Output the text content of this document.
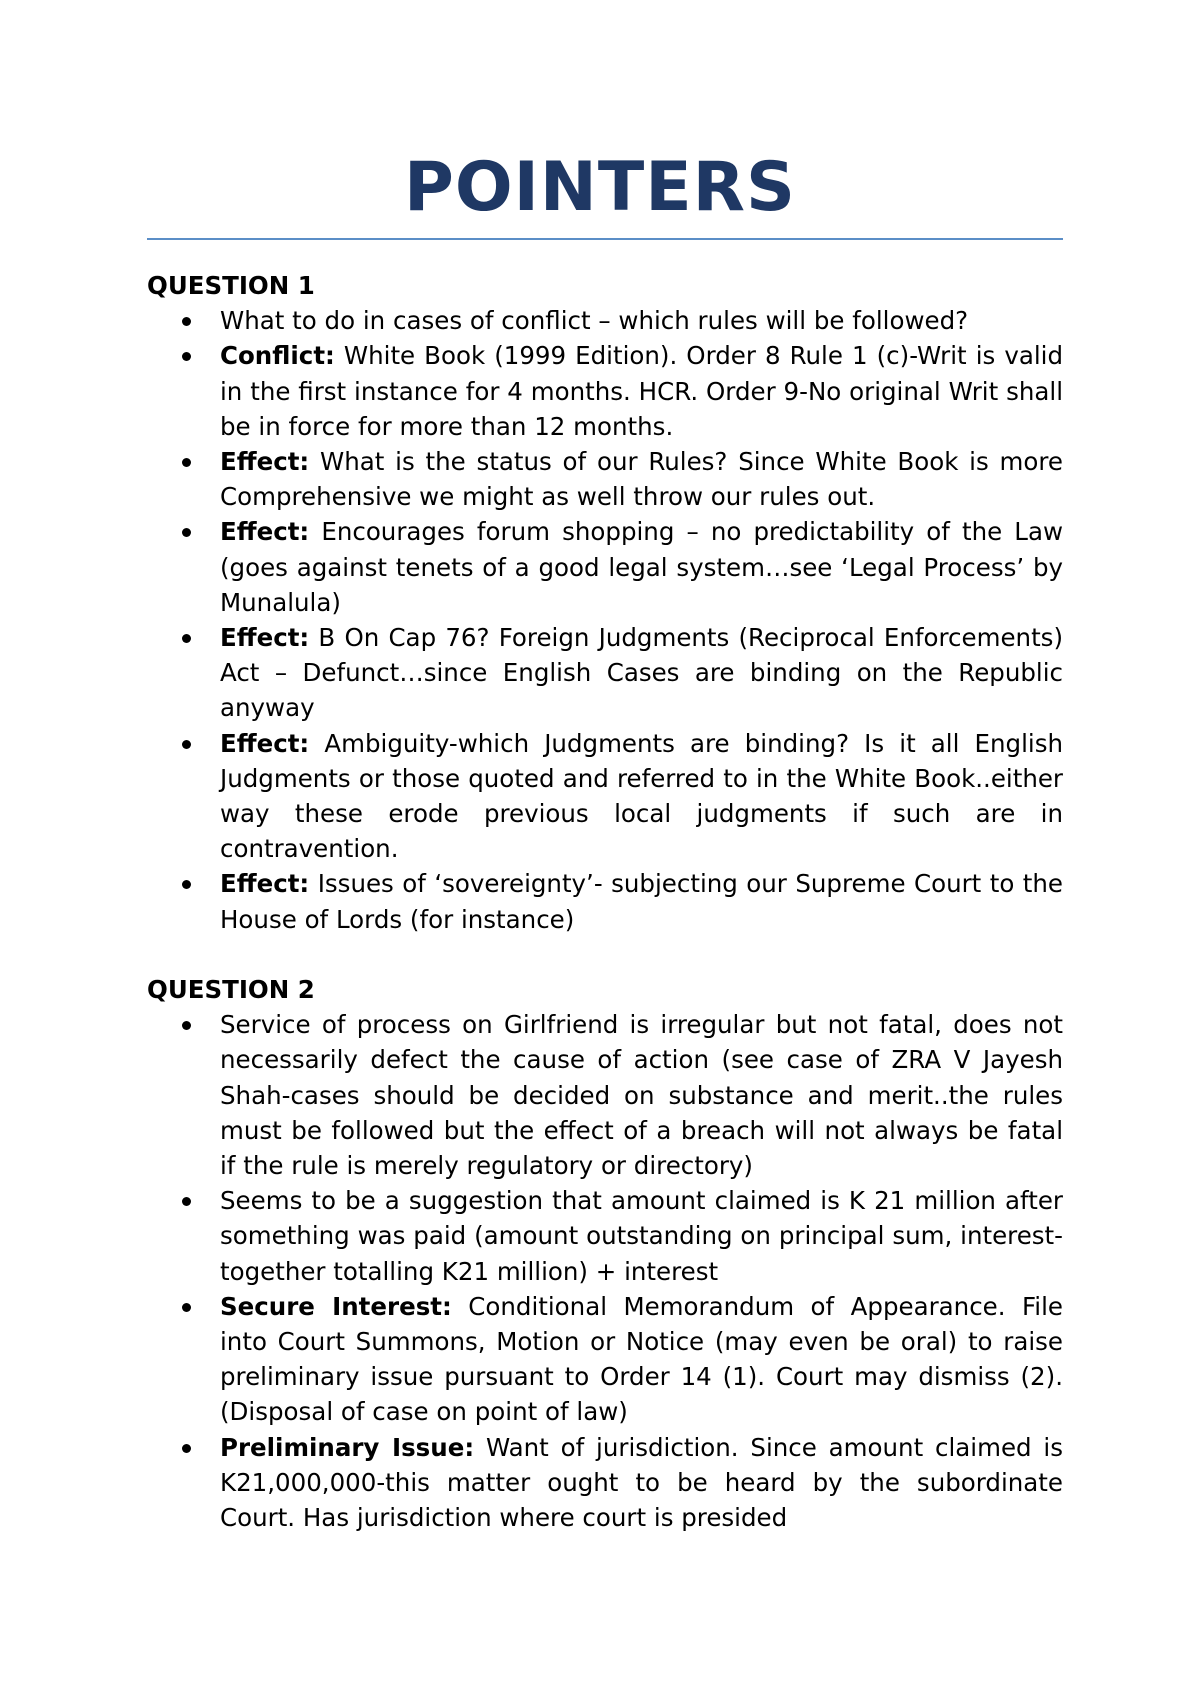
POINTERS
QUESTION 1
What to do in cases of conflict – which rules will be followed?
Conflict: White Book (1999 Edition). Order 8 Rule 1 (c)-Writ is valid in the first instance for 4 months. HCR. Order 9-No original Writ shall be in force for more than 12 months.
Effect: What is the status of our Rules? Since White Book is more Comprehensive we might as well throw our rules out.
Effect: Encourages forum shopping – no predictability of the Law (goes against tenets of a good legal system…see ‘Legal Process’ by Munalula)
Effect: B On Cap 76? Foreign Judgments (Reciprocal Enforcements) Act – Defunct…since English Cases are binding on the Republic anyway
Effect: Ambiguity-which Judgments are binding? Is it all English Judgments or those quoted and referred to in the White Book..either way these erode previous local judgments if such are in contravention.
Effect: Issues of ‘sovereignty’- subjecting our Supreme Court to the House of Lords (for instance)
QUESTION 2
Service of process on Girlfriend is irregular but not fatal, does not necessarily defect the cause of action (see case of ZRA V Jayesh Shah-cases should be decided on substance and merit..the rules must be followed but the effect of a breach will not always be fatal if the rule is merely regulatory or directory)
Seems to be a suggestion that amount claimed is K 21 million after something was paid (amount outstanding on principal sum, interest-together totalling K21 million) + interest
Secure Interest: Conditional Memorandum of Appearance. File into Court Summons, Motion or Notice (may even be oral) to raise preliminary issue pursuant to Order 14 (1). Court may dismiss (2). (Disposal of case on point of law)
Preliminary Issue: Want of jurisdiction. Since amount claimed is K21,000,000-this matter ought to be heard by the subordinate Court. Has jurisdiction where court is presided
